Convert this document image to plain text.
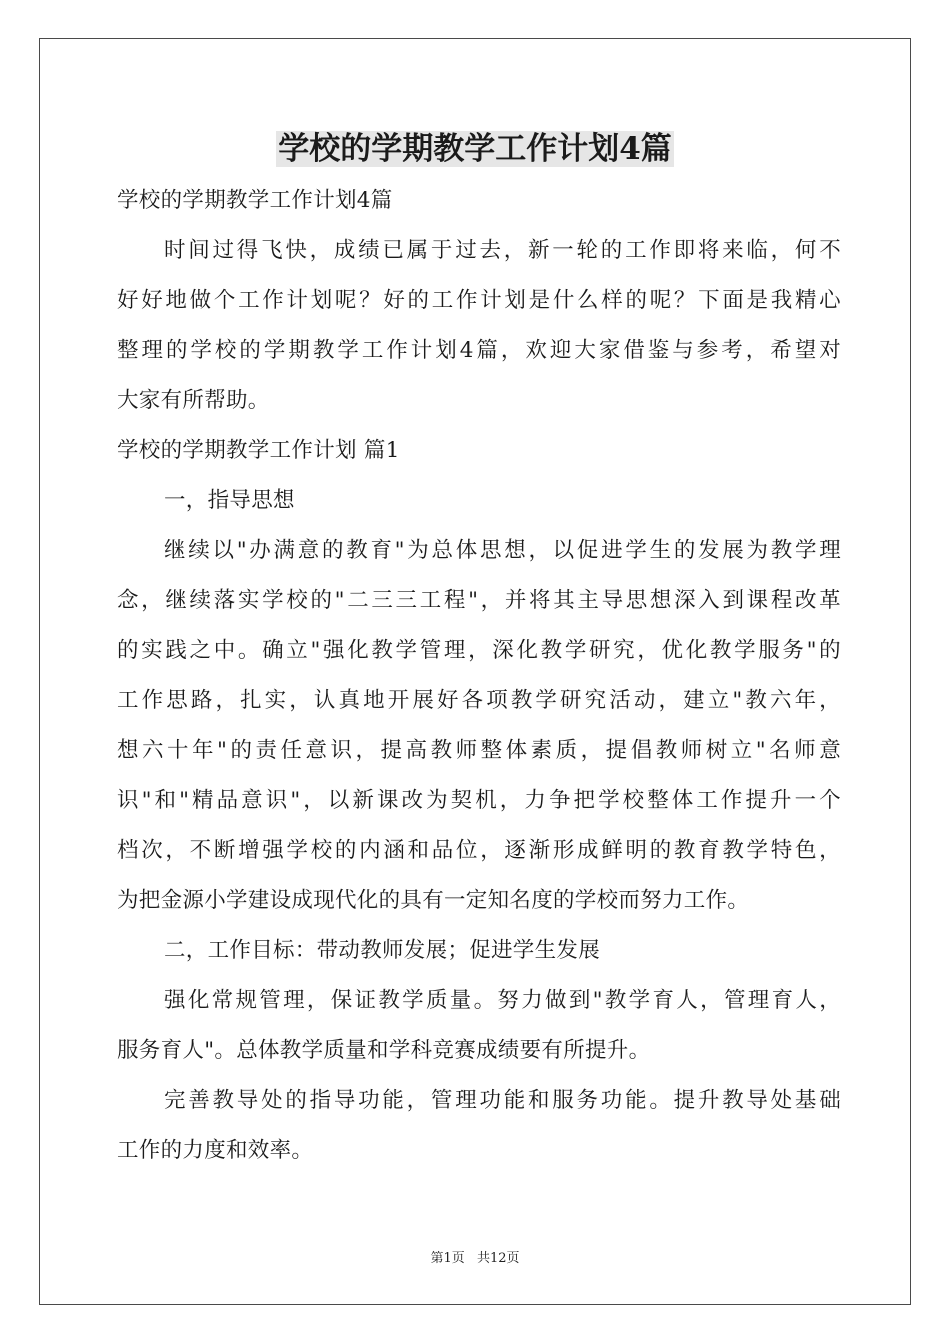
学校的学期教学工作计划4篇

学校的学期教学工作计划4篇

时间过得飞快，成绩已属于过去，新一轮的工作即将来临，何不

好好地做个工作计划呢？好的工作计划是什么样的呢？下面是我精心

整理的学校的学期教学工作计划4篇，欢迎大家借鉴与参考，希望对

大家有所帮助。

学校的学期教学工作计划 篇1

一，指导思想

继续以"办满意的教育"为总体思想，以促进学生的发展为教学理

念，继续落实学校的"二三三工程"，并将其主导思想深入到课程改革

的实践之中。确立"强化教学管理，深化教学研究，优化教学服务"的

工作思路，扎实，认真地开展好各项教学研究活动，建立"教六年，

想六十年"的责任意识，提高教师整体素质，提倡教师树立"名师意

识"和"精品意识"，以新课改为契机，力争把学校整体工作提升一个

档次，不断增强学校的内涵和品位，逐渐形成鲜明的教育教学特色，

为把金源小学建设成现代化的具有一定知名度的学校而努力工作。

二，工作目标：带动教师发展；促进学生发展

强化常规管理，保证教学质量。努力做到"教学育人，管理育人，

服务育人"。总体教学质量和学科竞赛成绩要有所提升。

完善教导处的指导功能，管理功能和服务功能。提升教导处基础

工作的力度和效率。

第1页 共12页
